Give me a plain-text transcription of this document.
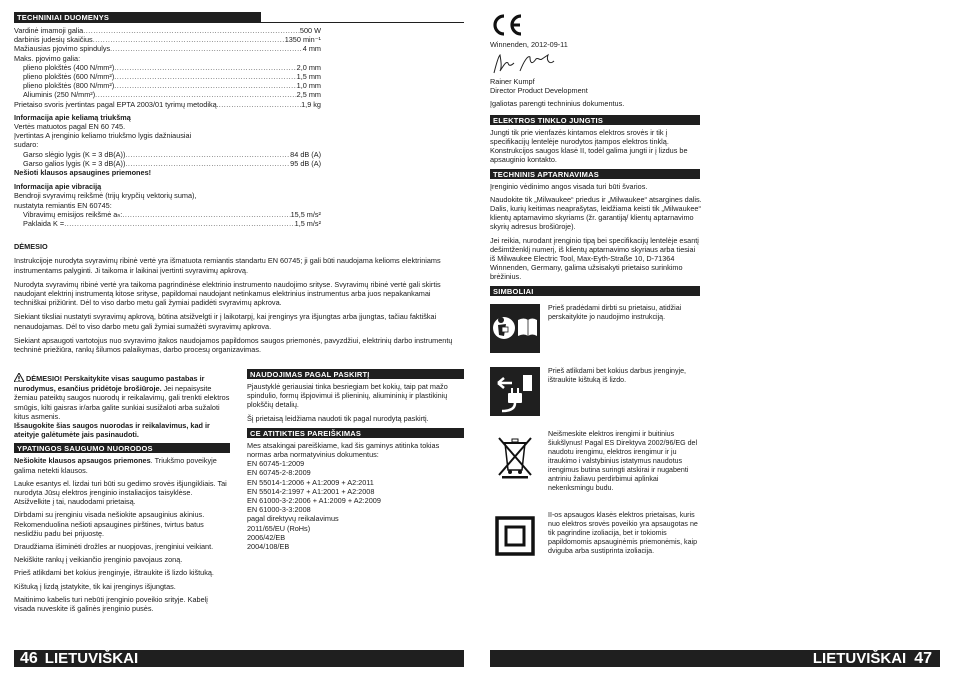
TECHNINIAI DUOMENYS
Vardinė imamoji galia .....	500 W
darbinis judesių skaičius .....	1350 min⁻¹
Mažiausias pjovimo spindulys .....	4 mm
Maks. pjovimo galia:
plieno plokštės (400 N/mm²) .....	2,0 mm
plieno plokštės (600 N/mm²) .....	1,5 mm
plieno plokštės (800 N/mm²) .....	1,0 mm
Aliuminis (250 N/mm²) .....	2,5 mm
Prietaiso svoris įvertintas pagal EPTA 2003/01 tyrimų metodiką. .....	1,9 kg
Informacija apie keliamą triukšmą
Vertės matuotos pagal EN 60 745.
Įvertintas A įrenginio keliamo triukšmo lygis dažniausiai
sudaro:
Garso slėgio lygis (K = 3 dB(A)) .....	84 dB (A)
Garso galios lygis (K = 3 dB(A)) .....	95 dB (A)
Nešioti klausos apsaugines priemones!
Informacija apie vibraciją
Bendroji svyravimų reikšmė (trijų krypčių vektorių suma),
nustatyta remiantis EN 60745:
Vibravimų emisijos reikšmė aₕ: .....	15,5 m/s²
Paklaida K = .....	1,5 m/s²
DĖMESIO

Instrukcijoje nurodyta svyravimų ribinė vertė yra išmatuota remiantis standartu EN 60745; ji gali būti naudojama kelioms elektriniams instrumentams palyginti. Ji taikoma ir laikinai įvertinti svyravimų apkrovą.

Nurodyta svyravimų ribinė vertė yra taikoma pagrindinėse elektrinio instrumento naudojimo srityse. Svyravimų ribinė vertė gali skirtis naudojant elektrinį instrumentą kitose srityse, papildomai naudojant netinkamus elektrinius instrumentus arba juos nepakankamai techniškai prižiūrint. Dėl to viso darbo metu gali žymiai padidėti svyravimų apkrova.

Siekiant tiksliai nustatyti svyravimų apkrovą, būtina atsižvelgti ir į laikotarpį, kai įrenginys yra išjungtas arba įjungtas, tačiau faktiškai nenaudojamas. Dėl to viso darbo metu gali žymiai sumažėti svyravimų apkrova.

Siekiant apsaugoti vartotojus nuo svyravimo įtakos naudojamos papildomos saugos priemonės, pavyzdžiui, elektrinių darbo instrumentų techninė priežiūra, rankų šilumos palaikymas, darbo procesų organizavimas.

DĖMESIO! Perskaitykite visas saugumo pastabas ir nurodymus, esančius pridėtoje brošiūroje. Jei nepaisysite žemiau pateiktų saugos nuorodų ir reikalavimų, gali trenkti elektros smūgis, kilti gaisras ir/arba galite sunkiai susižaloti arba sužaloti kitus asmenis.
Išsaugokite šias saugos nuorodas ir reikalavimus, kad ir ateityje galėtumėte jais pasinaudoti.
YPATINGOS SAUGUMO NUORODOS

Nešiokite klausos apsaugos priemones. Triukšmo poveikyje galima netekti klausos.

Lauke esantys el. lizdai turi būti su gedimo srovės išjungikliais. Tai nurodyta Jūsų elektros įrenginio instaliacijos taisyklėse. Atsižvelkite į tai, naudodami prietaisą.

Dirbdami su įrenginiu visada nešiokite apsauginius akinius. Rekomenduolina nešioti apsaugines pirštines, tvirtus batus neslidžiu padu bei prijuostę.

Draudžiama išiminėti drožles ar nuopjovas, įrenginiui veikiant.

Nekiškite rankų į veikiančio įrenginio pavojaus zoną.

Prieš atlikdami bet kokius įrenginyje, ištraukite iš lizdo kištuką.

Kištuką į lizdą įstatykite, tik kai įrenginys išjungtas.

Maitinimo kabelis turi nebūti įrenginio poveikio srityje. Kabelį visada nuveskite iš galinės įrenginio pusės.

NAUDOJIMAS PAGAL PASKIRTĮ

Pjaustyklė geriausiai tinka besriegiam bet kokių, taip pat mažo spindulio, formų išpjovimui iš plieninių, aliumininių ir plastikinių plokščių detalių.

Šį prietaisą leidžiama naudoti tik pagal nurodytą paskirtį.

CE ATITIKTIES PAREIŠKIMAS
Mes atsakingai pareiškiame, kad šis gaminys atitinka tokias
normas arba normatyvinius dokumentus:
EN 60745-1:2009
EN 60745-2-8:2009
EN 55014-1:2006 + A1:2009 + A2:2011
EN 55014-2:1997 + A1:2001 + A2:2008
EN 61000-3-2:2006 + A1:2009 + A2:2009
EN 61000-3-3:2008
pagal direktyvų reikalavimus
2011/65/EU (RoHs)
2006/42/EB
2004/108/EB
46 LIETUVIŠKAI
Winnenden, 2012-09-11
Rainer Kumpf
Director Product Development
Įgaliotas parengti techninius dokumentus.
ELEKTROS TINKLO JUNGTIS

Jungti tik prie vienfazės kintamos elektros srovės ir tik į specifikacijų lentelėje nurodytos įtampos elektros tinklą. Konstrukcijos saugos klasė II, todėl galima jungti ir į lizdus be apsauginio kontakto.

TECHNINIS APTARNAVIMAS

Įrenginio vėdinimo angos visada turi būti švarios.

Naudokite tik „Milwaukee“ priedus ir „Milwaukee“ atsargines dalis. Dalis, kurių keitimas neaprašytas, leidžiama keisti tik „Milwaukee“ klientų aptarnavimo skyriams (žr. garantiją/ klientų aptarnavimo skyrių adresus brošiūroje).

Jei reikia, nurodant įrenginio tipą bei specifikacijų lentelėje esantį dešimtženklį numerį, iš klientų aptarnavimo skyriaus arba tiesiai iš Milwaukee Electric Tool, Max-Eyth-Straße 10, D-71364 Winnenden, Germany, galima užsisakyti prietaiso surinkimo brėžinius.

SIMBOLIAI
Prieš pradėdami dirbti su prietaisu, atidžiai perskaitykite jo naudojimo instrukciją.
Prieš atlikdami bet kokius darbus įrenginyje, ištraukite kištuką iš lizdo.
Neišmeskite elektros irengimi ir buitinius šiukšlynus! Pagal ES Direktyva 2002/96/EG del naudotu irengimu, elektros irengimur ir ju itraukimo i valstybinius istatymus naudotus irengimus butina suringti atskirai ir nugabenti antriniu žaliavu perdirbimui aplinkai nekenksmingu budu.
II-os apsaugos klasės elektros prietaisas, kuris nuo elektros srovės poveikio yra apsaugotas ne tik pagrindine izoliacija, bet ir tokiomis papildomomis apsauginėmis priemonėmis, kaip dviguba arba sustiprinta izoliacija.
LIETUVIŠKAI 47
